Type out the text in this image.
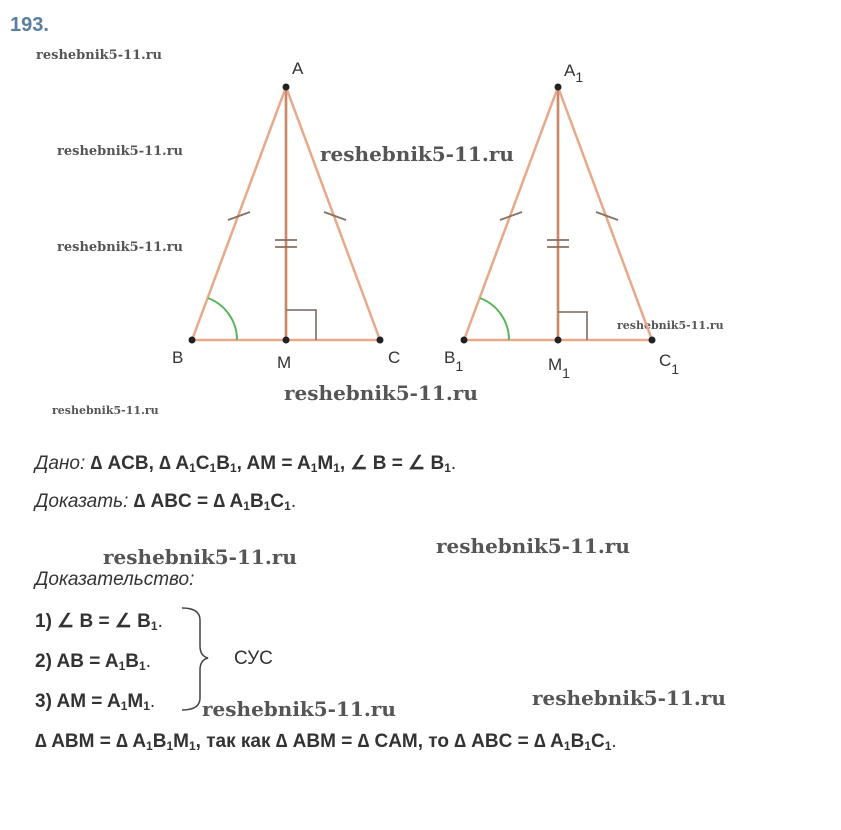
193.
reshebnik5-11.ru
reshebnik5-11.ru
reshebnik5-11.ru
reshebnik5-11.ru
reshebnik5-11.ru
reshebnik5-11.ru
reshebnik5-11.ru
reshebnik5-11.ru	reshebnik5-11.ru
reshebnik5-11.ru
reshebnik5-11.ru
A
B	M	C
$A_1$
$B_1$	$M_1$
$C_1$
Дано: ∆ ACB, ∆ $A_1C_1B_1$, AM = $A_1M_1$, ∠ B = ∠ $B_1$.
Доказать: ∆ ABC = ∆ $A_1B_1C_1$.
Доказательство:
1) ∠ B = ∠ $B_1$.
2) AB = $A_1B_1$.
3) AM = $A_1M_1$.
СУС
∆ ABM = ∆ $A_1B_1M_1$, так как ∆ ABM = ∆ CAM, то ∆ ABC = ∆ $A_1B_1C_1$.
